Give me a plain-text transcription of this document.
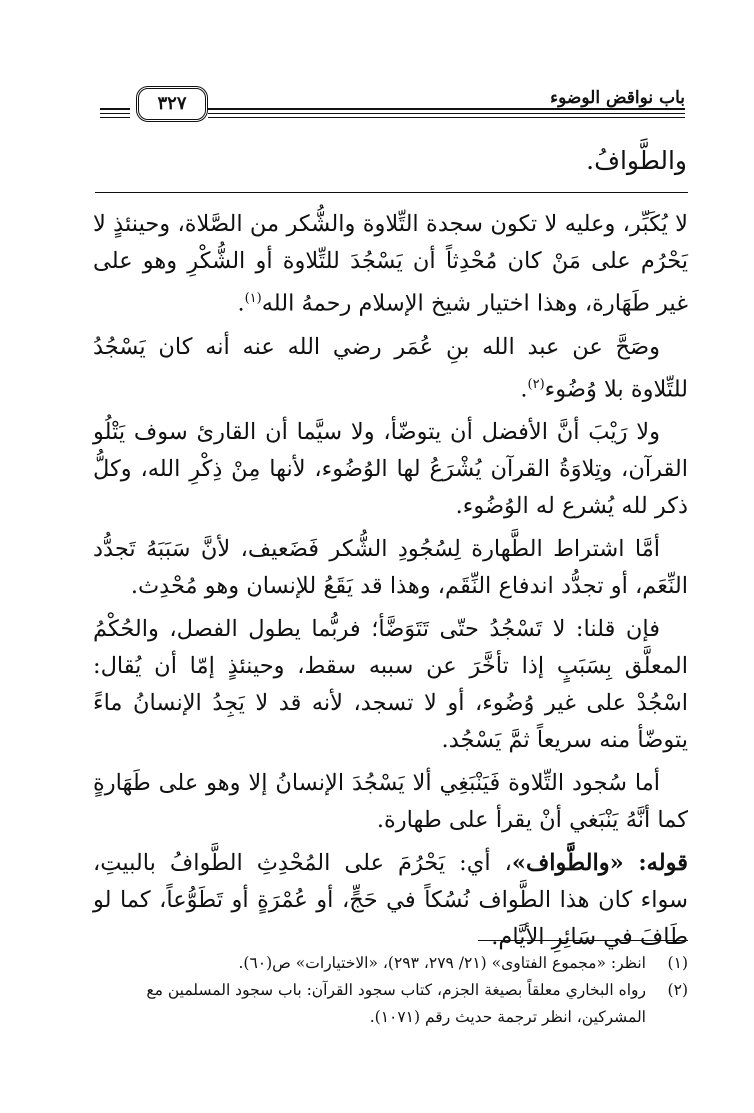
٣٢٧	باب نواقض الوضوء
والطَّوافُ.

لا يُكَبِّر، وعليه لا تكون سجدة التِّلاوة والشُّكر من الصَّلاة، وحينئذٍ لا يَحْرُم على مَنْ كان مُحْدِثاً أن يَسْجُدَ للتِّلاوة أو الشُّكْرِ وهو على غير طَهَارة، وهذا اختيار شيخ الإسلام رحمهُ الله$^{(١)}$.

وصَحَّ عن عبد الله بنِ عُمَر رضي الله عنه أنه كان يَسْجُدُ للتِّلاوة بلا وُضُوء$^{(٢)}$.

ولا رَيْبَ أنَّ الأفضل أن يتوضّأ، ولا سيَّما أن القارئ سوف يَتْلُو القرآن، وتِلاوَةُ القرآن يُشْرَعُ لها الوُضُوء، لأنها مِنْ ذِكْرِ الله، وكلُّ ذكر لله يُشرع له الوُضُوء.

أمَّا اشتراط الطَّهارة لِسُجُودِ الشُّكر فَضَعيف، لأنَّ سَبَبَهُ تَجدُّد النِّعَم، أو تجدُّد اندفاع النِّقَم، وهذا قد يَقَعُ للإنسان وهو مُحْدِث.

فإن قلنا: لا تَسْجُدُ حتّى تَتَوَضَّأ؛ فربُّما يطول الفصل، والحُكْمُ المعلَّق بِسَبَبٍ إذا تأخَّرَ عن سببه سقط، وحينئذٍ إمّا أن يُقال: اسْجُدْ على غير وُضُوء، أو لا تسجد، لأنه قد لا يَجِدُ الإنسانُ ماءً يتوضّأ منه سريعاً ثمَّ يَسْجُد.

أما سُجود التِّلاوة فَيَنْبَغِي ألا يَسْجُدَ الإنسانُ إلا وهو على طَهَارةٍ كما أنَّهُ يَنْبَغي أنْ يقرأ على طهارة.

قوله: «والطَّواف»، أي: يَحْرُمَ على المُحْدِثِ الطَّوافُ بالبيتِ، سواء كان هذا الطَّواف نُسُكاً في حَجٍّ، أو عُمْرَةٍ أو تَطَوُّعاً، كما لو طَافَ في سَائِرِ الأيَّام.

(١)
انظر: «مجموع الفتاوى» (٢١/ ٢٧٩، ٢٩٣)، «الاختيارات» ص(٦٠).
(٢)
رواه البخاري معلقاً بصيغة الجزم، كتاب سجود القرآن: باب سجود المسلمين مع المشركين، انظر ترجمة حديث رقم (١٠٧١).
